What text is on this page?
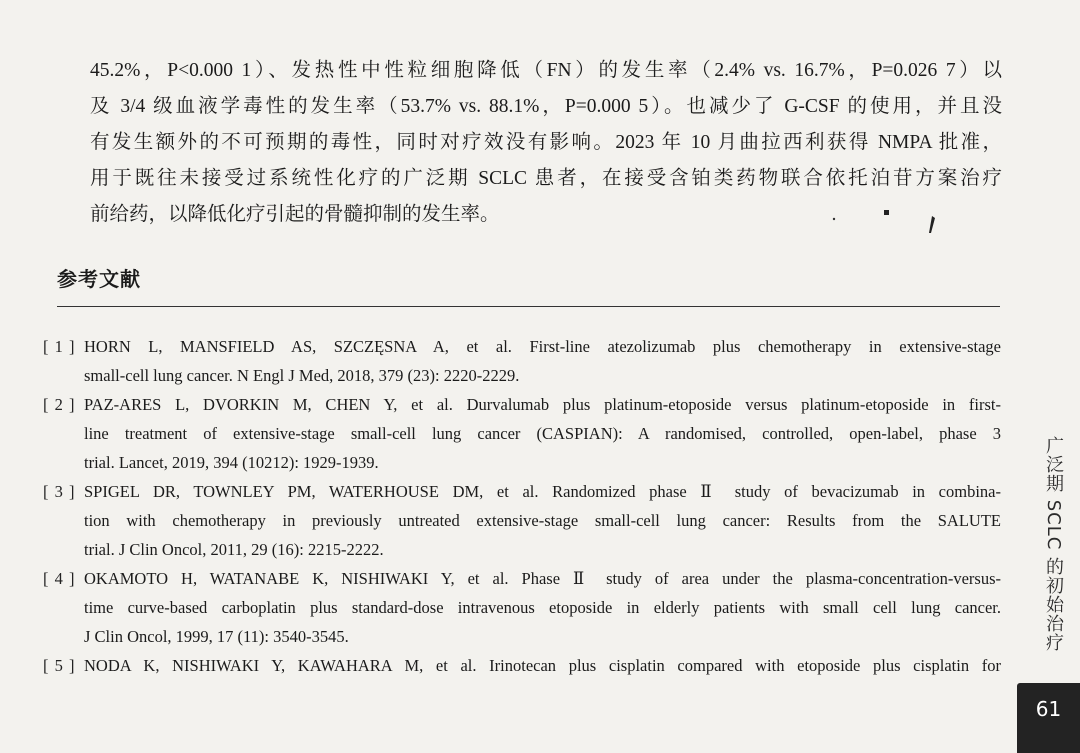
45.2%，P<0.000 1）、发热性中性粒细胞降低（FN）的发生率（2.4% vs. 16.7%，P=0.026 7）以
及 3/4 级血液学毒性的发生率（53.7% vs. 88.1%，P=0.000 5）。也减少了 G-CSF 的使用，并且没
有发生额外的不可预期的毒性，同时对疗效没有影响。2023 年 10 月曲拉西利获得 NMPA 批准，
用于既往未接受过系统性化疗的广泛期 SCLC 患者，在接受含铂类药物联合依托泊苷方案治疗
前给药，以降低化疗引起的骨髓抑制的发生率。
参考文献
[ 1 ] HORN L, MANSFIELD AS, SZCZĘSNA A, et al. First-line atezolizumab plus chemotherapy in extensive-stage
small-cell lung cancer. N Engl J Med, 2018, 379 (23): 2220-2229.
[ 2 ] PAZ-ARES L, DVORKIN M, CHEN Y, et al. Durvalumab plus platinum-etoposide versus platinum-etoposide in first-
line treatment of extensive-stage small-cell lung cancer (CASPIAN): A randomised, controlled, open-label, phase 3
trial. Lancet, 2019, 394 (10212): 1929-1939.
[ 3 ] SPIGEL DR, TOWNLEY PM, WATERHOUSE DM, et al. Randomized phase Ⅱ study of bevacizumab in combina-
tion with chemotherapy in previously untreated extensive-stage small-cell lung cancer: Results from the SALUTE
trial. J Clin Oncol, 2011, 29 (16): 2215-2222.
[ 4 ] OKAMOTO H, WATANABE K, NISHIWAKI Y, et al. Phase Ⅱ study of area under the plasma-concentration-versus-
time curve-based carboplatin plus standard-dose intravenous etoposide in elderly patients with small cell lung cancer.
J Clin Oncol, 1999, 17 (11): 3540-3545.
[ 5 ] NODA K, NISHIWAKI Y, KAWAHARA M, et al. Irinotecan plus cisplatin compared with etoposide plus cisplatin for
广泛期 SCLC 的初始治疗
61
